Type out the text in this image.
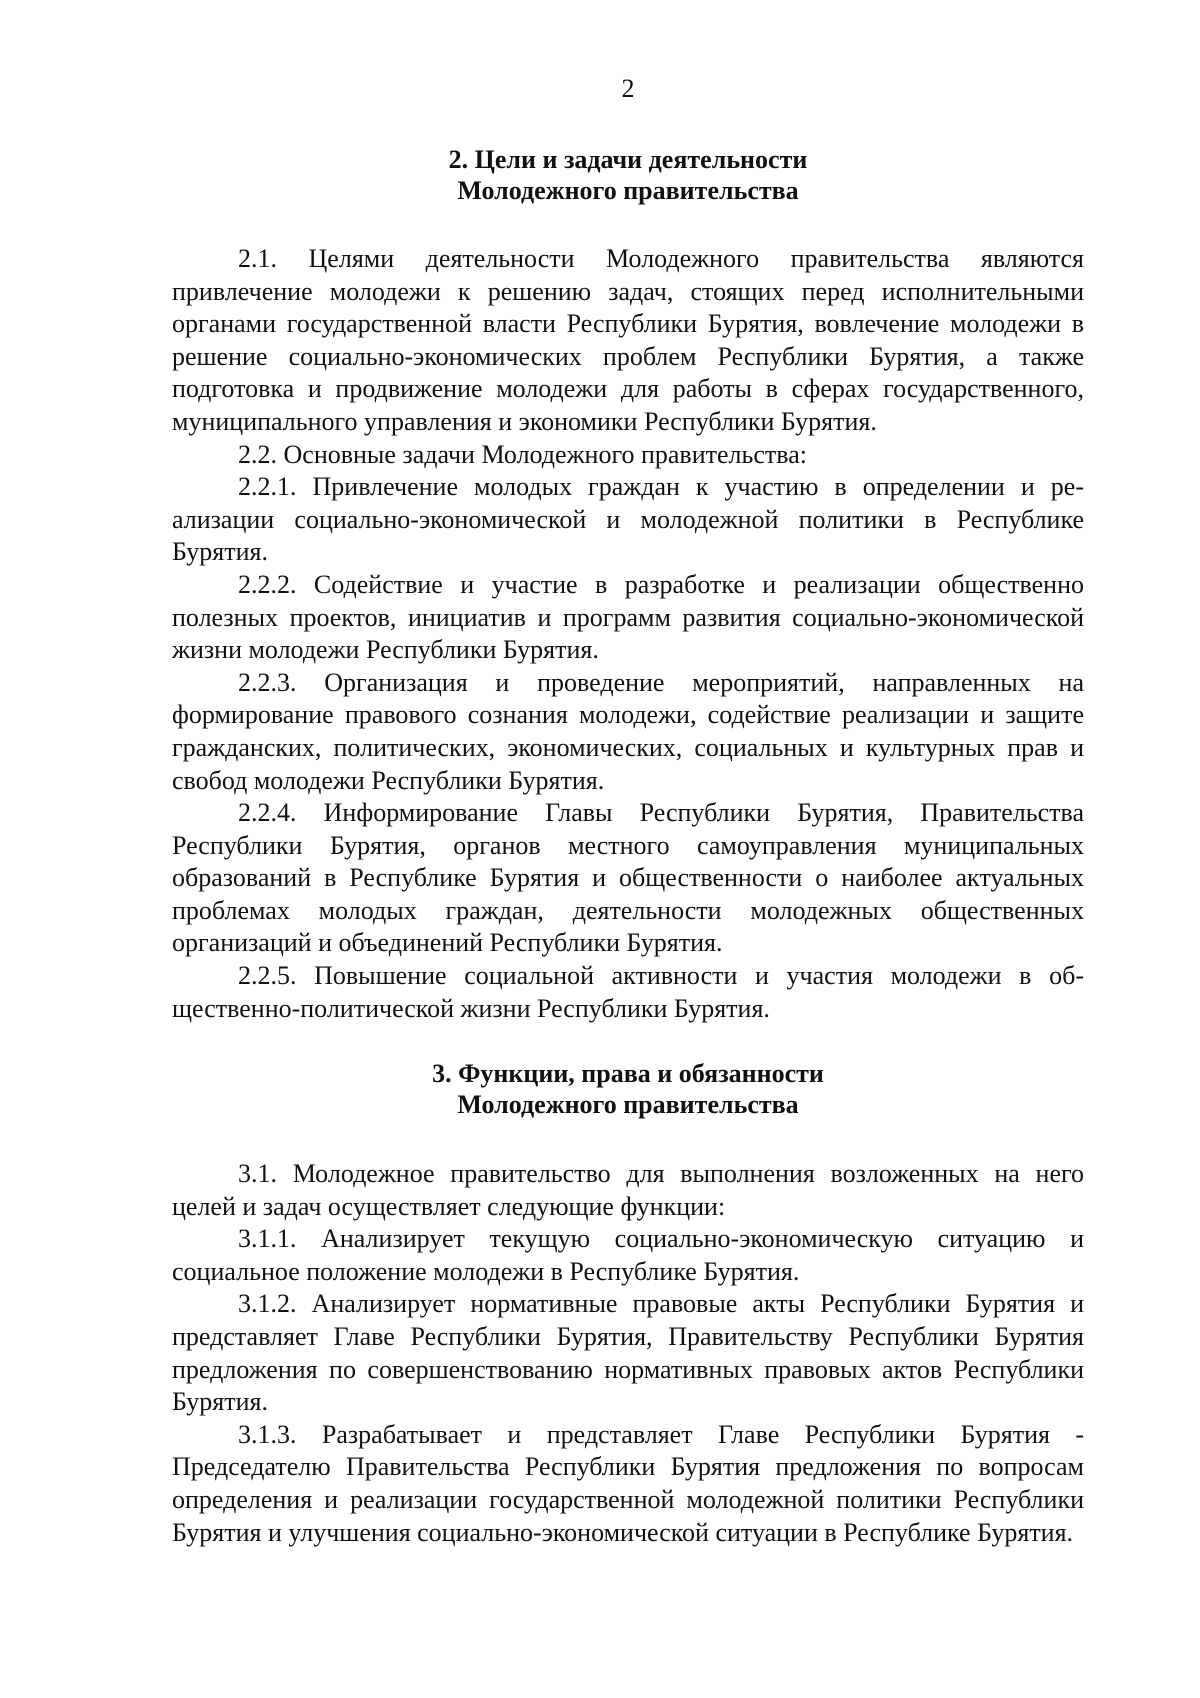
2
2. Цели и задачи деятельности
Молодежного правительства

2.1. Целями деятельности Молодежного правительства являются привлечение молодежи к решению задач, стоящих перед исполнительными органами государственной власти Республики Бурятия, вовлечение молодежи в решение социально-экономических проблем Республики Бурятия, а также подготовка и продвижение молодежи для работы в сферах государственного, муниципального управления и экономики Республики Бурятия.

2.2. Основные задачи Молодежного правительства:

2.2.1. Привлечение молодых граждан к участию в определении и реализации социально-экономической и молодежной политики в Республике Бурятия.

2.2.2. Содействие и участие в разработке и реализации общественно полезных проектов, инициатив и программ развития социально-экономической жизни молодежи Республики Бурятия.

2.2.3. Организация и проведение мероприятий, направленных на формирование правового сознания молодежи, содействие реализации и защите гражданских, политических, экономических, социальных и культурных прав и свобод молодежи Республики Бурятия.

2.2.4. Информирование Главы Республики Бурятия, Правительства Республики Бурятия, органов местного самоуправления муниципальных образований в Республике Бурятия и общественности о наиболее актуальных проблемах молодых граждан, деятельности молодежных общественных организаций и объединений Республики Бурятия.

2.2.5. Повышение социальной активности и участия молодежи в общественно-политической жизни Республики Бурятия.

3. Функции, права и обязанности
Молодежного правительства

3.1. Молодежное правительство для выполнения возложенных на него целей и задач осуществляет следующие функции:

3.1.1. Анализирует текущую социально-экономическую ситуацию и социальное положение молодежи в Республике Бурятия.

3.1.2. Анализирует нормативные правовые акты Республики Бурятия и представляет Главе Республики Бурятия, Правительству Республики Бурятия предложения по совершенствованию нормативных правовых актов Республики Бурятия.

3.1.3. Разрабатывает и представляет Главе Республики Бурятия - Председателю Правительства Республики Бурятия предложения по вопросам определения и реализации государственной молодежной политики Республики Бурятия и улучшения социально-экономической ситуации в Республике Бурятия.
